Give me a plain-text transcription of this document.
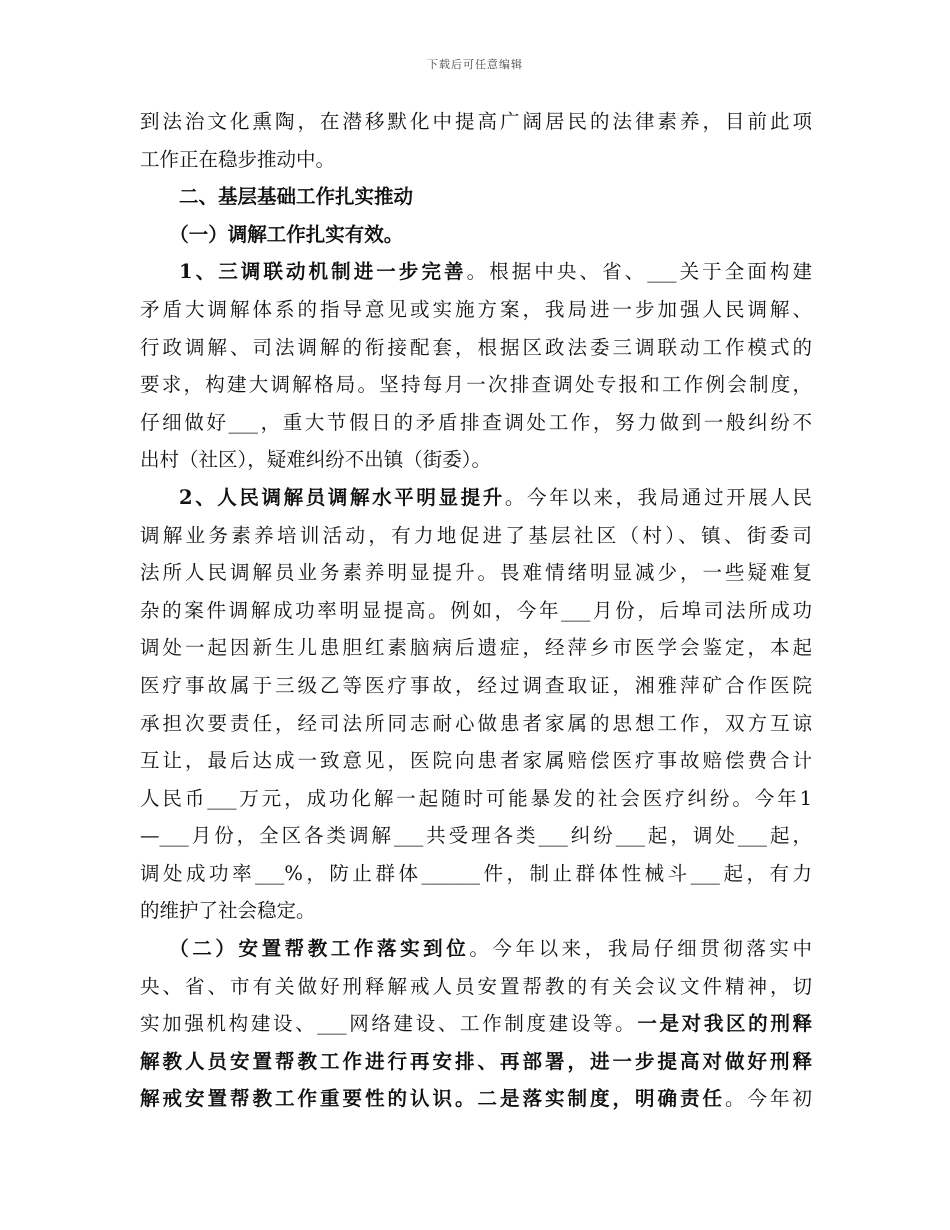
下载后可任意编辑
到法治文化熏陶，在潜移默化中提高广阔居民的法律素养，目前此项
工作正在稳步推动中。
二、基层基础工作扎实推动
（一）调解工作扎实有效。
1、三调联动机制进一步完善。根据中央、省、___关于全面构建
矛盾大调解体系的指导意见或实施方案，我局进一步加强人民调解、
行政调解、司法调解的衔接配套，根据区政法委三调联动工作模式的
要求，构建大调解格局。坚持每月一次排查调处专报和工作例会制度，
仔细做好___，重大节假日的矛盾排查调处工作，努力做到一般纠纷不
出村（社区），疑难纠纷不出镇（街委）。
2、人民调解员调解水平明显提升。今年以来，我局通过开展人民
调解业务素养培训活动，有力地促进了基层社区（村）、镇、街委司
法所人民调解员业务素养明显提升。畏难情绪明显减少，一些疑难复
杂的案件调解成功率明显提高。例如，今年___月份，后埠司法所成功
调处一起因新生儿患胆红素脑病后遗症，经萍乡市医学会鉴定，本起
医疗事故属于三级乙等医疗事故，经过调查取证，湘雅萍矿合作医院
承担次要责任，经司法所同志耐心做患者家属的思想工作，双方互谅
互让，最后达成一致意见，医院向患者家属赔偿医疗事故赔偿费合计
人民币___万元，成功化解一起随时可能暴发的社会医疗纠纷。今年1
—___月份，全区各类调解___共受理各类___纠纷___起，调处___起，
调处成功率___%，防止群体______件，制止群体性械斗___起，有力
的维护了社会稳定。
（二）安置帮教工作落实到位。今年以来，我局仔细贯彻落实中
央、省、市有关做好刑释解戒人员安置帮教的有关会议文件精神，切
实加强机构建设、___网络建设、工作制度建设等。一是对我区的刑释
解教人员安置帮教工作进行再安排、再部署，进一步提高对做好刑释
解戒安置帮教工作重要性的认识。二是落实制度，明确责任。今年初
